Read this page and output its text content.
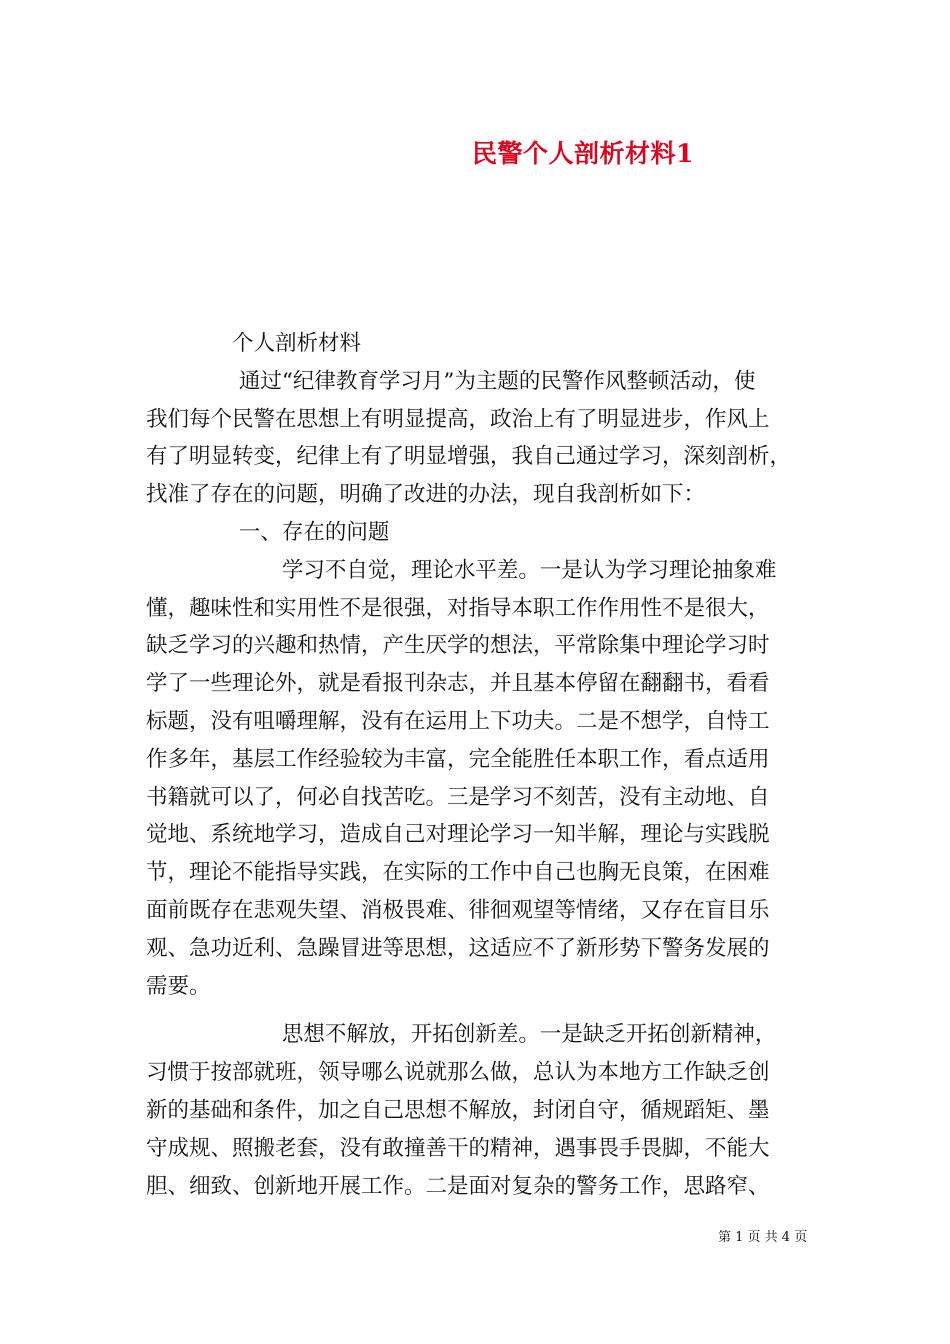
民警个人剖析材料1
　　　　个人剖析材料
　　　　 通过“纪律教育学习月”为主题的民警作风整顿活动，使
我们每个民警在思想上有明显提高，政治上有了明显进步，作风上
有了明显转变，纪律上有了明显增强，我自己通过学习，深刻剖析，
找准了存在的问题，明确了改进的办法，现自我剖析如下：
　　　　 一、存在的问题
　　　　　　 学习不自觉，理论水平差。一是认为学习理论抽象难
懂，趣味性和实用性不是很强，对指导本职工作作用性不是很大，
缺乏学习的兴趣和热情，产生厌学的想法，平常除集中理论学习时
学了一些理论外，就是看报刊杂志，并且基本停留在翻翻书，看看
标题，没有咀嚼理解，没有在运用上下功夫。二是不想学，自恃工
作多年，基层工作经验较为丰富，完全能胜任本职工作，看点适用
书籍就可以了，何必自找苦吃。三是学习不刻苦，没有主动地、自
觉地、系统地学习，造成自己对理论学习一知半解，理论与实践脱
节，理论不能指导实践，在实际的工作中自己也胸无良策，在困难
面前既存在悲观失望、消极畏难、徘徊观望等情绪，又存在盲目乐
观、急功近利、急躁冒进等思想，这适应不了新形势下警务发展的
需要。
　　　　　　 思想不解放，开拓创新差。一是缺乏开拓创新精神，
习惯于按部就班，领导哪么说就那么做，总认为本地方工作缺乏创
新的基础和条件，加之自己思想不解放，封闭自守，循规蹈矩、墨
守成规、照搬老套，没有敢撞善干的精神，遇事畏手畏脚，不能大
胆、细致、创新地开展工作。二是面对复杂的警务工作，思路窄、
第 1 页 共 4 页
